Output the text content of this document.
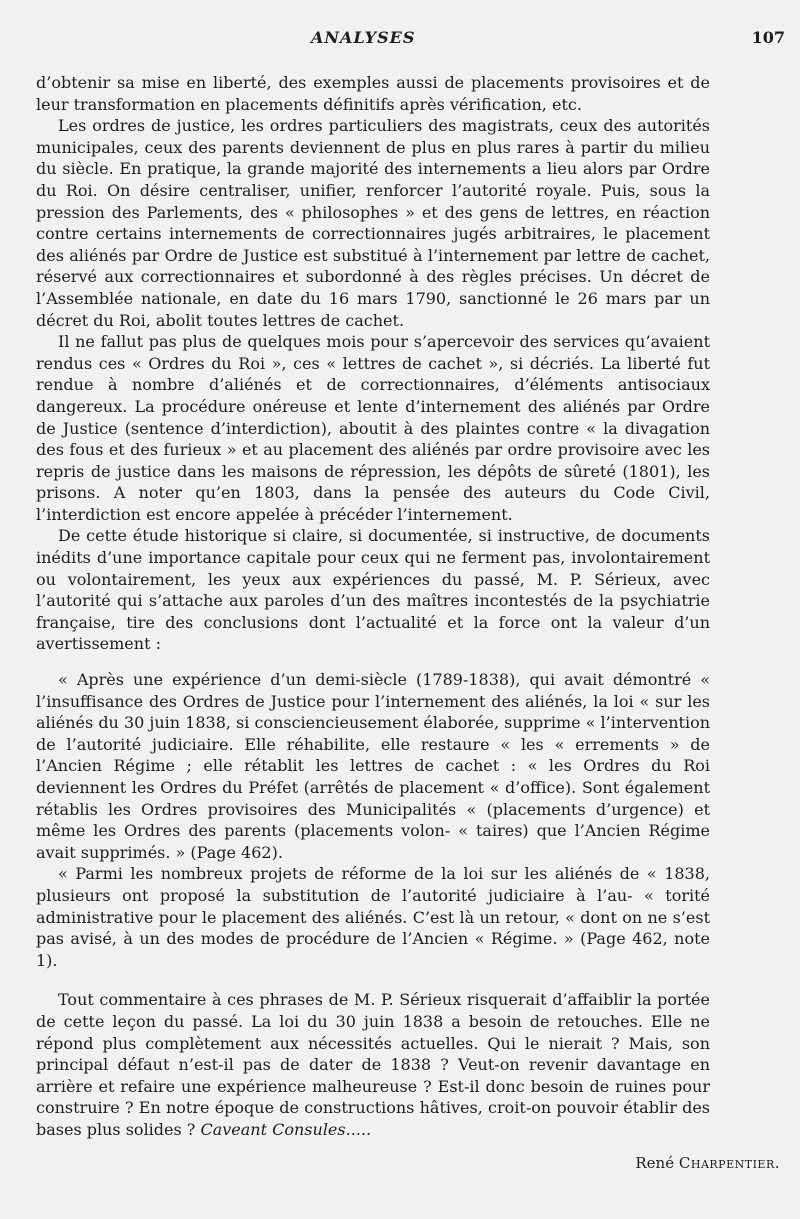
ANALYSES	107

d’obtenir sa mise en liberté, des exemples aussi de placements provisoires et de leur transformation en placements définitifs après vérification, etc.

Les ordres de justice, les ordres particuliers des magistrats, ceux des autorités municipales, ceux des parents deviennent de plus en plus rares à partir du milieu du siècle. En pratique, la grande majorité des internements a lieu alors par Ordre du Roi. On désire centraliser, unifier, renforcer l’autorité royale. Puis, sous la pression des Parlements, des « philosophes » et des gens de lettres, en réaction contre certains internements de correctionnaires jugés arbitraires, le placement des aliénés par Ordre de Justice est substitué à l’internement par lettre de cachet, réservé aux correctionnaires et subordonné à des règles précises. Un décret de l’Assemblée nationale, en date du 16 mars 1790, sanctionné le 26 mars par un décret du Roi, abolit toutes lettres de cachet.

Il ne fallut pas plus de quelques mois pour s’apercevoir des services qu’avaient rendus ces « Ordres du Roi », ces « lettres de cachet », si décriés. La liberté fut rendue à nombre d’aliénés et de correctionnaires, d’éléments antisociaux dangereux. La procédure onéreuse et lente d’internement des aliénés par Ordre de Justice (sentence d’interdiction), aboutit à des plaintes contre « la divagation des fous et des furieux » et au placement des aliénés par ordre provisoire avec les repris de justice dans les maisons de répression, les dépôts de sûreté (1801), les prisons. A noter qu’en 1803, dans la pensée des auteurs du Code Civil, l’interdiction est encore appelée à précéder l’internement.

De cette étude historique si claire, si documentée, si instructive, de documents inédits d’une importance capitale pour ceux qui ne ferment pas, involontairement ou volontairement, les yeux aux expériences du passé, M. P. Sérieux, avec l’autorité qui s’attache aux paroles d’un des maîtres incontestés de la psychiatrie française, tire des conclusions dont l’actualité et la force ont la valeur d’un avertissement :

« Après une expérience d’un demi-siècle (1789-1838), qui avait démontré « l’insuffisance des Ordres de Justice pour l’internement des aliénés, la loi « sur les aliénés du 30 juin 1838, si consciencieusement élaborée, supprime « l’intervention de l’autorité judiciaire. Elle réhabilite, elle restaure « les « errements » de l’Ancien Régime ; elle rétablit les lettres de cachet : « les Ordres du Roi deviennent les Ordres du Préfet (arrêtés de placement « d’office). Sont également rétablis les Ordres provisoires des Municipalités « (placements d’urgence) et même les Ordres des parents (placements volon- « taires) que l’Ancien Régime avait supprimés. » (Page 462).

« Parmi les nombreux projets de réforme de la loi sur les aliénés de « 1838, plusieurs ont proposé la substitution de l’autorité judiciaire à l’au- « torité administrative pour le placement des aliénés. C’est là un retour, « dont on ne s’est pas avisé, à un des modes de procédure de l’Ancien « Régime. » (Page 462, note 1).

Tout commentaire à ces phrases de M. P. Sérieux risquerait d’affaiblir la portée de cette leçon du passé. La loi du 30 juin 1838 a besoin de retouches. Elle ne répond plus complètement aux nécessités actuelles. Qui le nierait ? Mais, son principal défaut n’est-il pas de dater de 1838 ? Veut-on revenir davantage en arrière et refaire une expérience malheureuse ? Est-il donc besoin de ruines pour construire ? En notre époque de constructions hâtives, croit-on pouvoir établir des bases plus solides ? Caveant Consules.....

René Charpentier.
